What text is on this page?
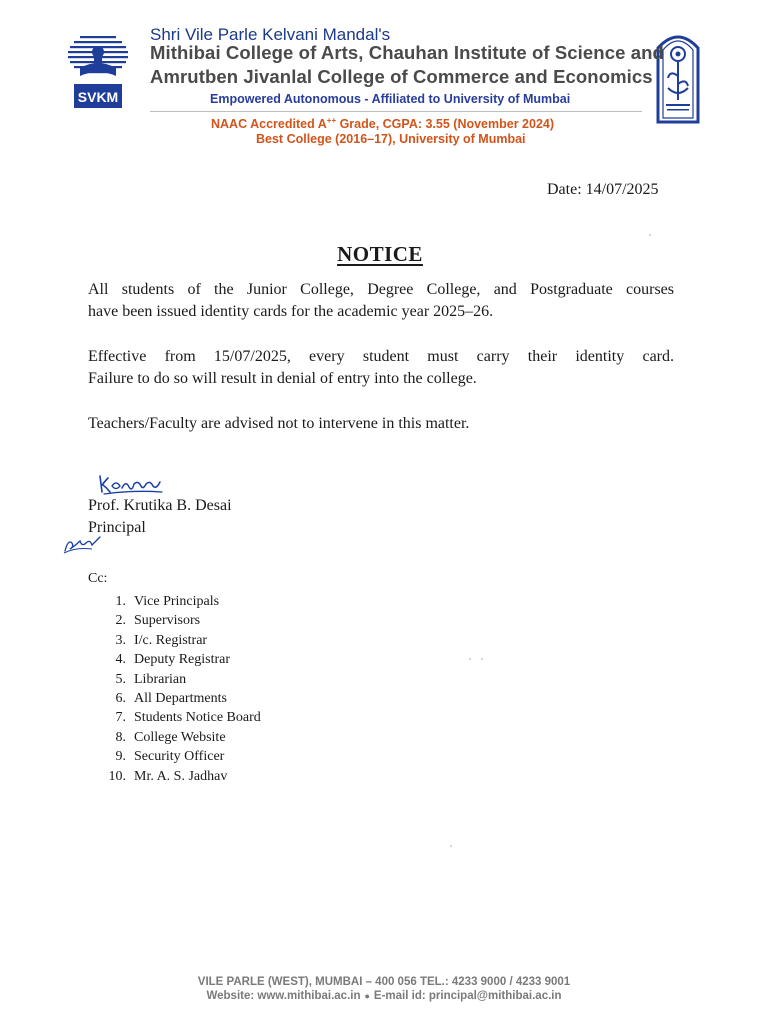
SVKM
Shri Vile Parle Kelvani Mandal's
Mithibai College of Arts, Chauhan Institute of Science and
Amrutben Jivanlal College of Commerce and Economics
Empowered Autonomous - Affiliated to University of Mumbai
NAAC Accredited A++ Grade, CGPA: 3.55 (November 2024)
Best College (2016–17), University of Mumbai
Date: 14/07/2025
NOTICE
All students of the Junior College, Degree College, and Postgraduate courses
have been issued identity cards for the academic year 2025–26.
Effective from 15/07/2025, every student must carry their identity card.
Failure to do so will result in denial of entry into the college.
Teachers/Faculty are advised not to intervene in this matter.
Prof. Krutika B. Desai
Principal
Cc:
1. Vice Principals
2. Supervisors
3. I/c. Registrar
4. Deputy Registrar
5. Librarian
6. All Departments
7. Students Notice Board
8. College Website
9. Security Officer
10. Mr. A. S. Jadhav
VILE PARLE (WEST), MUMBAI – 400 056 TEL.: 4233 9000 / 4233 9001
Website: www.mithibai.ac.in ● E-mail id: principal@mithibai.ac.in
